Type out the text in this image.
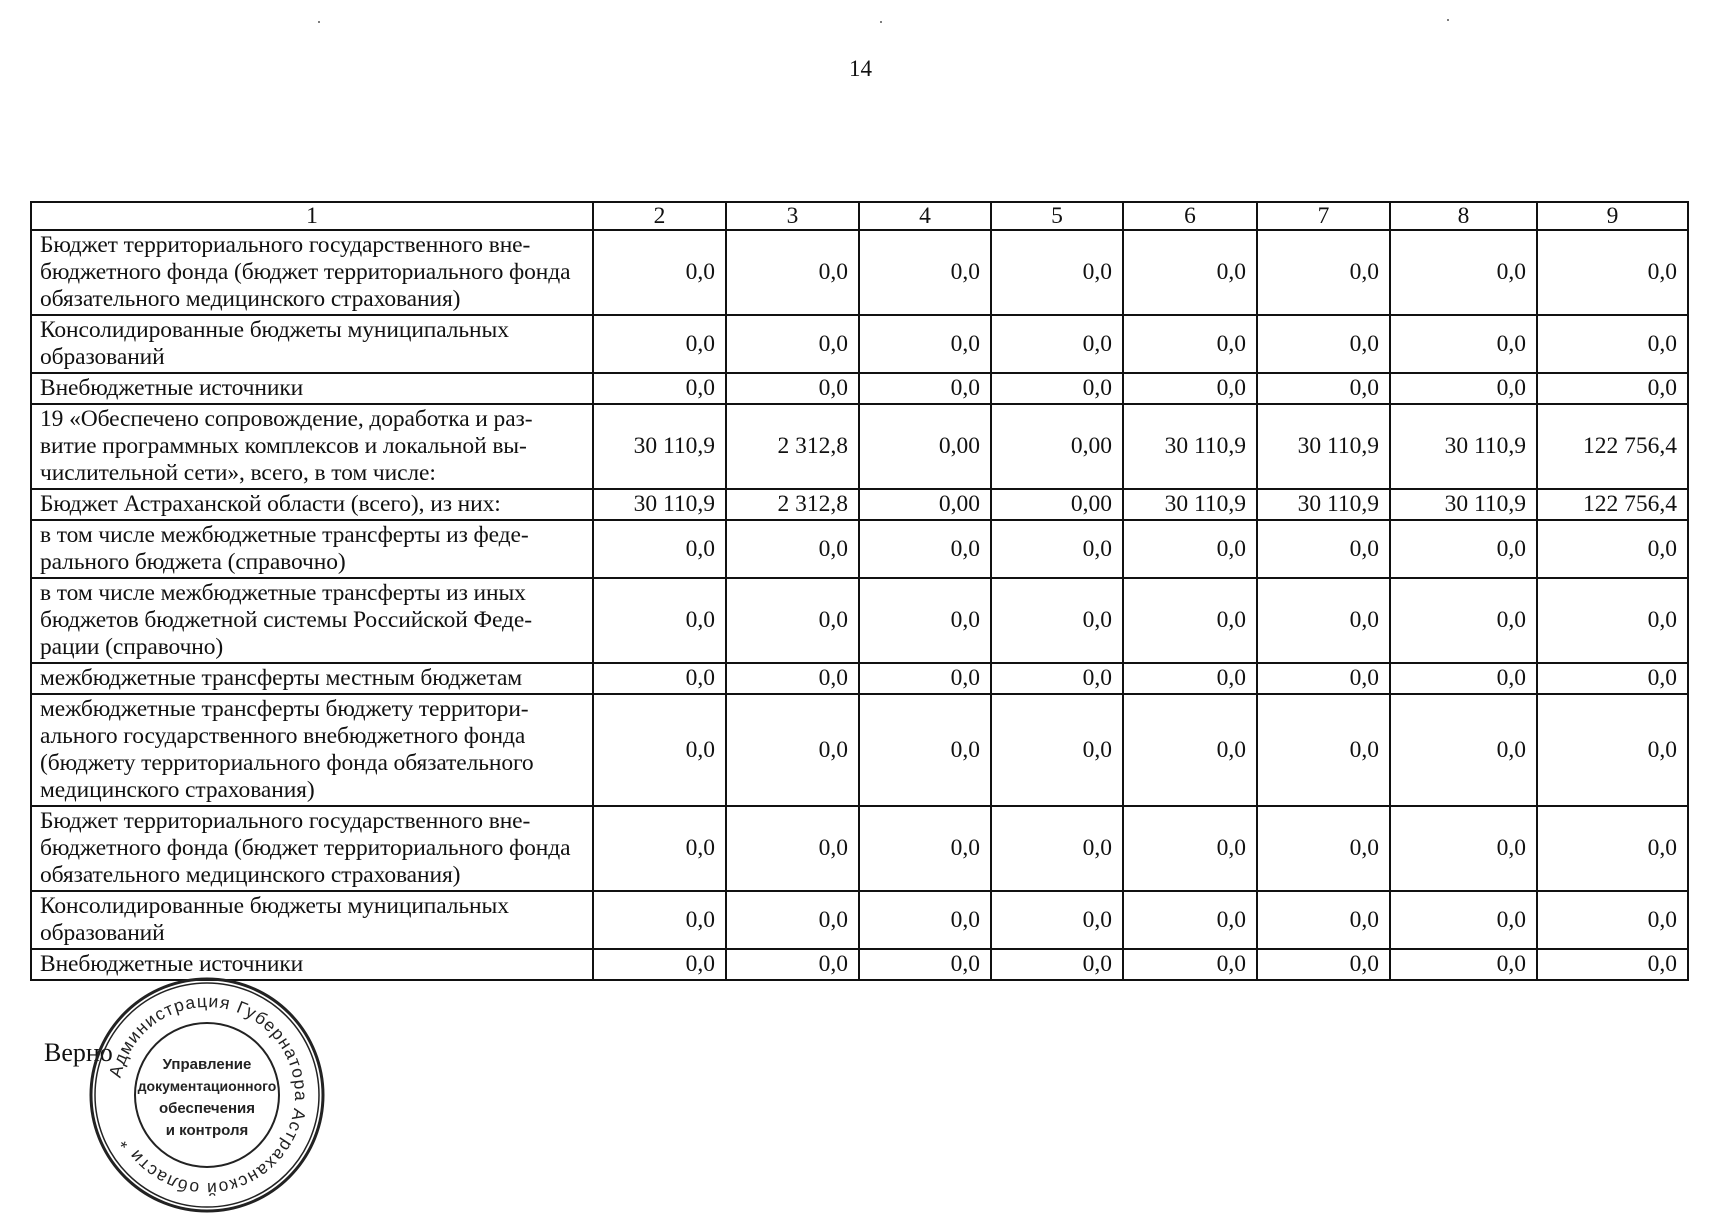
14
1	2	3	4	5	6	7	8	9
Бюджет территориального государственного вне-бюджетного фонда (бюджет территориального фонда обязательного медицинского страхования)	0,0	0,0	0,0	0,0	0,0	0,0	0,0	0,0
Консолидированные бюджеты муниципальных образований	0,0	0,0	0,0	0,0	0,0	0,0	0,0	0,0
Внебюджетные источники	0,0	0,0	0,0	0,0	0,0	0,0	0,0	0,0
19 «Обеспечено сопровождение, доработка и раз-витие программных комплексов и локальной вы-числительной сети», всего, в том числе:	30 110,9	2 312,8	0,00	0,00	30 110,9	30 110,9	30 110,9	122 756,4
Бюджет Астраханской области (всего), из них:	30 110,9	2 312,8	0,00	0,00	30 110,9	30 110,9	30 110,9	122 756,4
в том числе межбюджетные трансферты из феде-рального бюджета (справочно)	0,0	0,0	0,0	0,0	0,0	0,0	0,0	0,0
в том числе межбюджетные трансферты из иных бюджетов бюджетной системы Российской Феде-рации (справочно)	0,0	0,0	0,0	0,0	0,0	0,0	0,0	0,0
межбюджетные трансферты местным бюджетам	0,0	0,0	0,0	0,0	0,0	0,0	0,0	0,0
межбюджетные трансферты бюджету территори-ального государственного внебюджетного фонда (бюджету территориального фонда обязательного медицинского страхования)	0,0	0,0	0,0	0,0	0,0	0,0	0,0	0,0
Бюджет территориального государственного вне-бюджетного фонда (бюджет территориального фонда обязательного медицинского страхования)	0,0	0,0	0,0	0,0	0,0	0,0	0,0	0,0
Консолидированные бюджеты муниципальных образований	0,0	0,0	0,0	0,0	0,0	0,0	0,0	0,0
Внебюджетные источники	0,0	0,0	0,0	0,0	0,0	0,0	0,0	0,0
Верно
Администрация Губернатора Астраханской области *
Управление
документационного
обеспечения
и контроля
